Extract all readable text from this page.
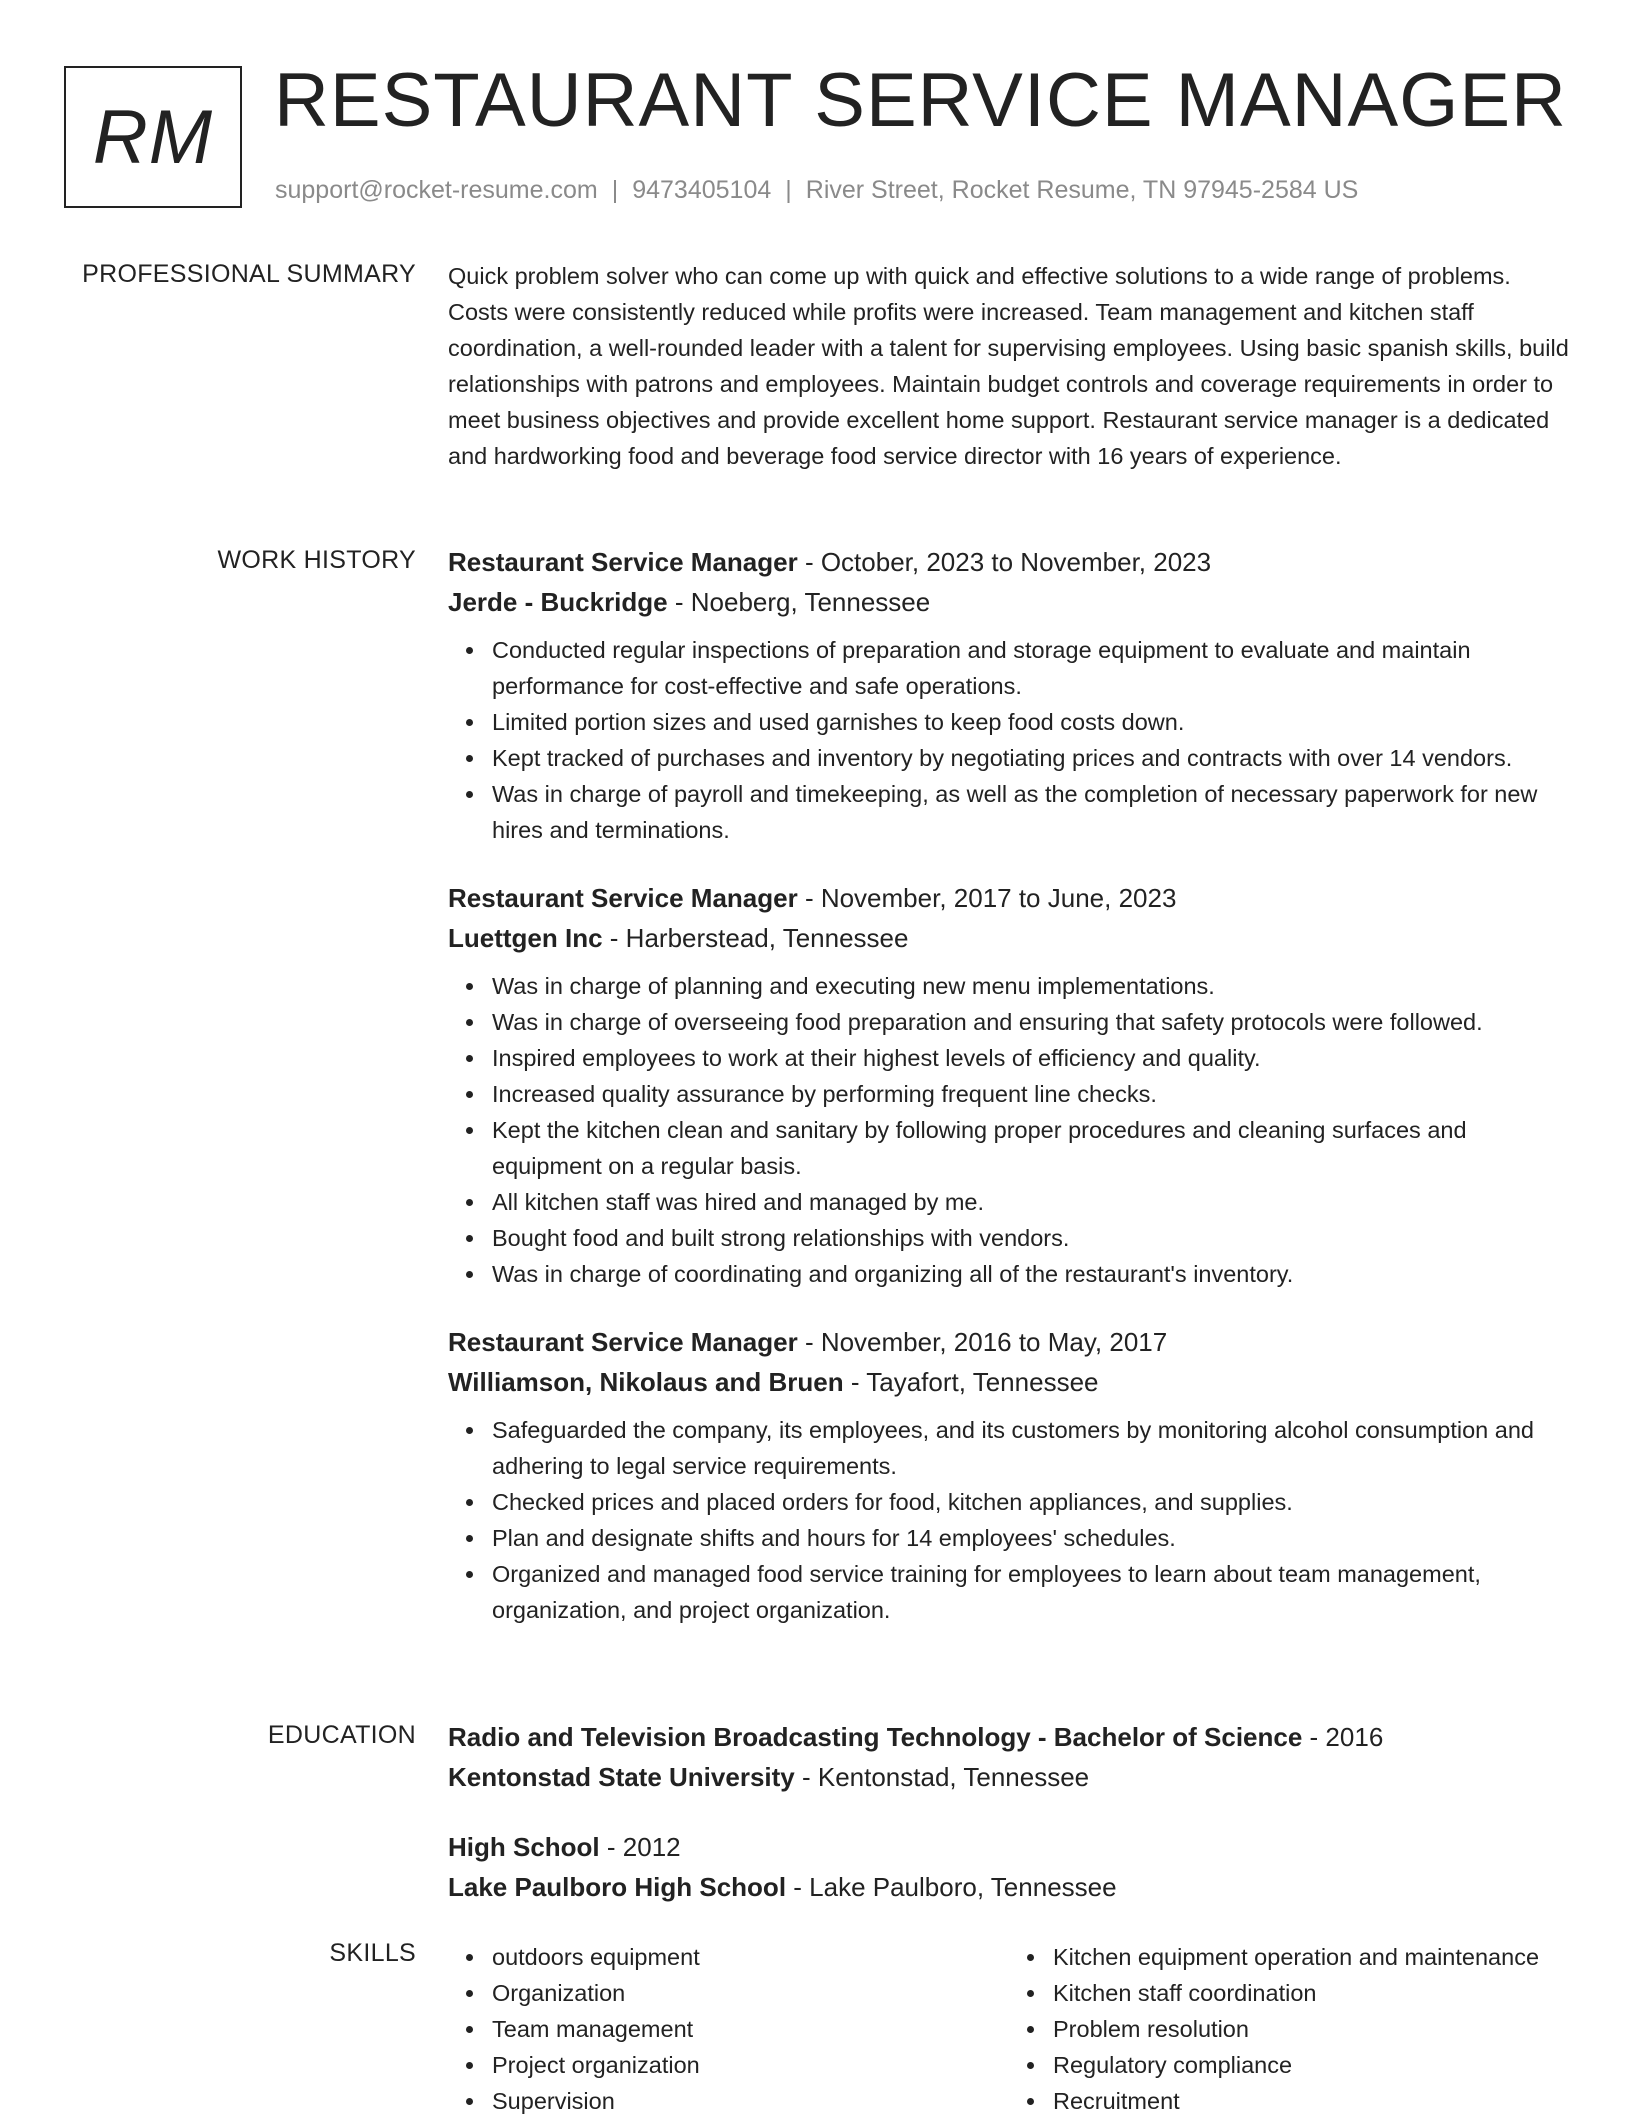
RM RESTAURANT SERVICE MANAGER
support@rocket-resume.com | 9473405104 | River Street, Rocket Resume, TN 97945-2584 US
PROFESSIONAL SUMMARY Quick problem solver who can come up with quick and effective solutions to a wide range of problems. Costs were consistently reduced while profits were increased. Team management and kitchen staff coordination, a well-rounded leader with a talent for supervising employees. Using basic spanish skills, build relationships with patrons and employees. Maintain budget controls and coverage requirements in order to meet business objectives and provide excellent home support. Restaurant service manager is a dedicated and hardworking food and beverage food service director with 16 years of experience.

WORK HISTORY Restaurant Service Manager - October, 2023 to November, 2023
Jerde - Buckridge - Noeberg, Tennessee
Conducted regular inspections of preparation and storage equipment to evaluate and maintain performance for cost-effective and safe operations.
Limited portion sizes and used garnishes to keep food costs down.
Kept tracked of purchases and inventory by negotiating prices and contracts with over 14 vendors.
Was in charge of payroll and timekeeping, as well as the completion of necessary paperwork for new hires and terminations.
Restaurant Service Manager - November, 2017 to June, 2023
Luettgen Inc - Harberstead, Tennessee
Was in charge of planning and executing new menu implementations.
Was in charge of overseeing food preparation and ensuring that safety protocols were followed.
Inspired employees to work at their highest levels of efficiency and quality.
Increased quality assurance by performing frequent line checks.
Kept the kitchen clean and sanitary by following proper procedures and cleaning surfaces and equipment on a regular basis.
All kitchen staff was hired and managed by me.
Bought food and built strong relationships with vendors.
Was in charge of coordinating and organizing all of the restaurant's inventory.
Restaurant Service Manager - November, 2016 to May, 2017
Williamson, Nikolaus and Bruen - Tayafort, Tennessee
Safeguarded the company, its employees, and its customers by monitoring alcohol consumption and adhering to legal service requirements.
Checked prices and placed orders for food, kitchen appliances, and supplies.
Plan and designate shifts and hours for 14 employees' schedules.
Organized and managed food service training for employees to learn about team management, organization, and project organization.
EDUCATION Radio and Television Broadcasting Technology - Bachelor of Science - 2016
Kentonstad State University - Kentonstad, Tennessee
High School - 2012
Lake Paulboro High School - Lake Paulboro, Tennessee
SKILLS	outdoors equipment
Organization
Team management
Project organization
Supervision
Kitchen equipment operation and maintenance
Kitchen staff coordination
Problem resolution
Regulatory compliance
Recruitment
